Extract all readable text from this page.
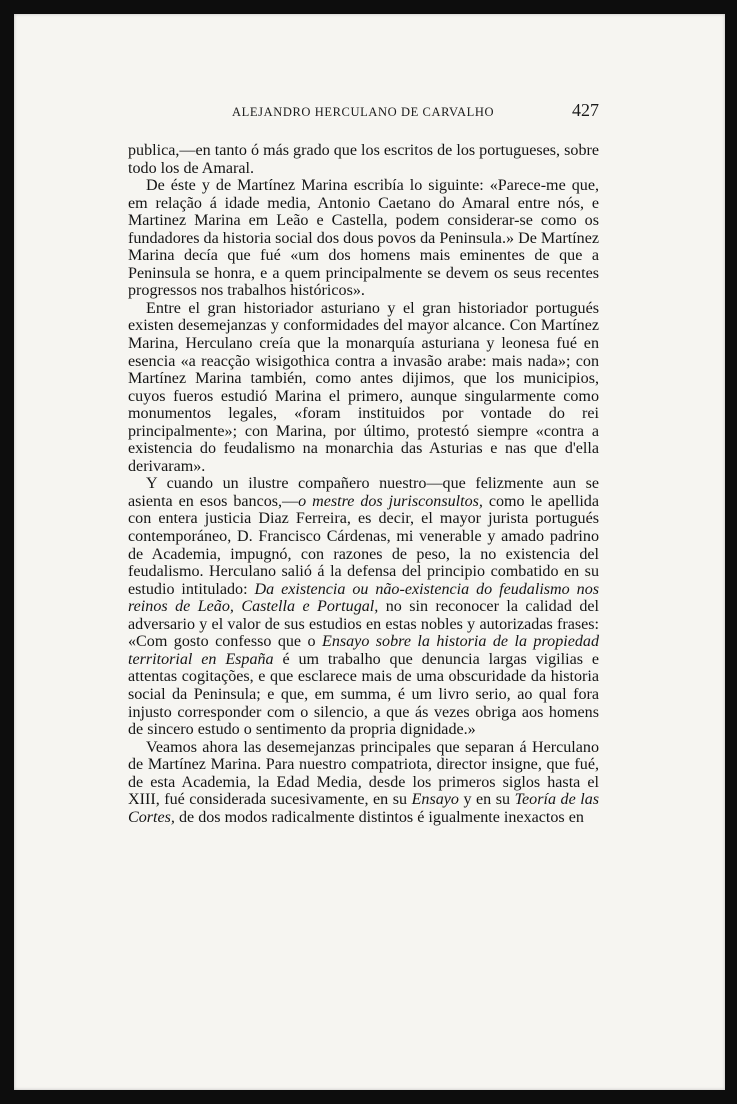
ALEJANDRO HERCULANO DE CARVALHO	427

publica,—en tanto ó más grado que los escritos de los portugueses, sobre todo los de Amaral.

De éste y de Martínez Marina escribía lo siguinte: «Parece-me que, em relação á idade media, Antonio Caetano do Amaral entre nós, e Martinez Marina em Leão e Castella, podem considerar-se como os fundadores da historia social dos dous povos da Peninsula.» De Martínez Marina decía que fué «um dos homens mais eminentes de que a Peninsula se honra, e a quem principalmente se devem os seus recentes progressos nos trabalhos históricos».

Entre el gran historiador asturiano y el gran historiador portugués existen desemejanzas y conformidades del mayor alcance. Con Martínez Marina, Herculano creía que la monarquía asturiana y leonesa fué en esencia «a reacção wisigothica contra a invasão arabe: mais nada»; con Martínez Marina también, como antes dijimos, que los municipios, cuyos fueros estudió Marina el primero, aunque singularmente como monumentos legales, «foram instituidos por vontade do rei principalmente»; con Marina, por último, protestó siempre «contra a existencia do feudalismo na monarchia das Asturias e nas que d'ella derivaram».

Y cuando un ilustre compañero nuestro—que felizmente aun se asienta en esos bancos,—o mestre dos jurisconsultos, como le apellida con entera justicia Diaz Ferreira, es decir, el mayor jurista portugués contemporáneo, D. Francisco Cárdenas, mi venerable y amado padrino de Academia, impugnó, con razones de peso, la no existencia del feudalismo. Herculano salió á la defensa del principio combatido en su estudio intitulado: Da existencia ou não-existencia do feudalismo nos reinos de Leão, Castella e Portugal, no sin reconocer la calidad del adversario y el valor de sus estudios en estas nobles y autorizadas frases: «Com gosto confesso que o Ensayo sobre la historia de la propiedad territorial en España é um trabalho que denuncia largas vigilias e attentas cogitações, e que esclarece mais de uma obscuridade da historia social da Peninsula; e que, em summa, é um livro serio, ao qual fora injusto corresponder com o silencio, a que ás vezes obriga aos homens de sincero estudo o sentimento da propria dignidade.»

Veamos ahora las desemejanzas principales que separan á Herculano de Martínez Marina. Para nuestro compatriota, director insigne, que fué, de esta Academia, la Edad Media, desde los primeros siglos hasta el XIII, fué considerada sucesivamente, en su Ensayo y en su Teoría de las Cortes, de dos modos radicalmente distintos é igualmente inexactos en
